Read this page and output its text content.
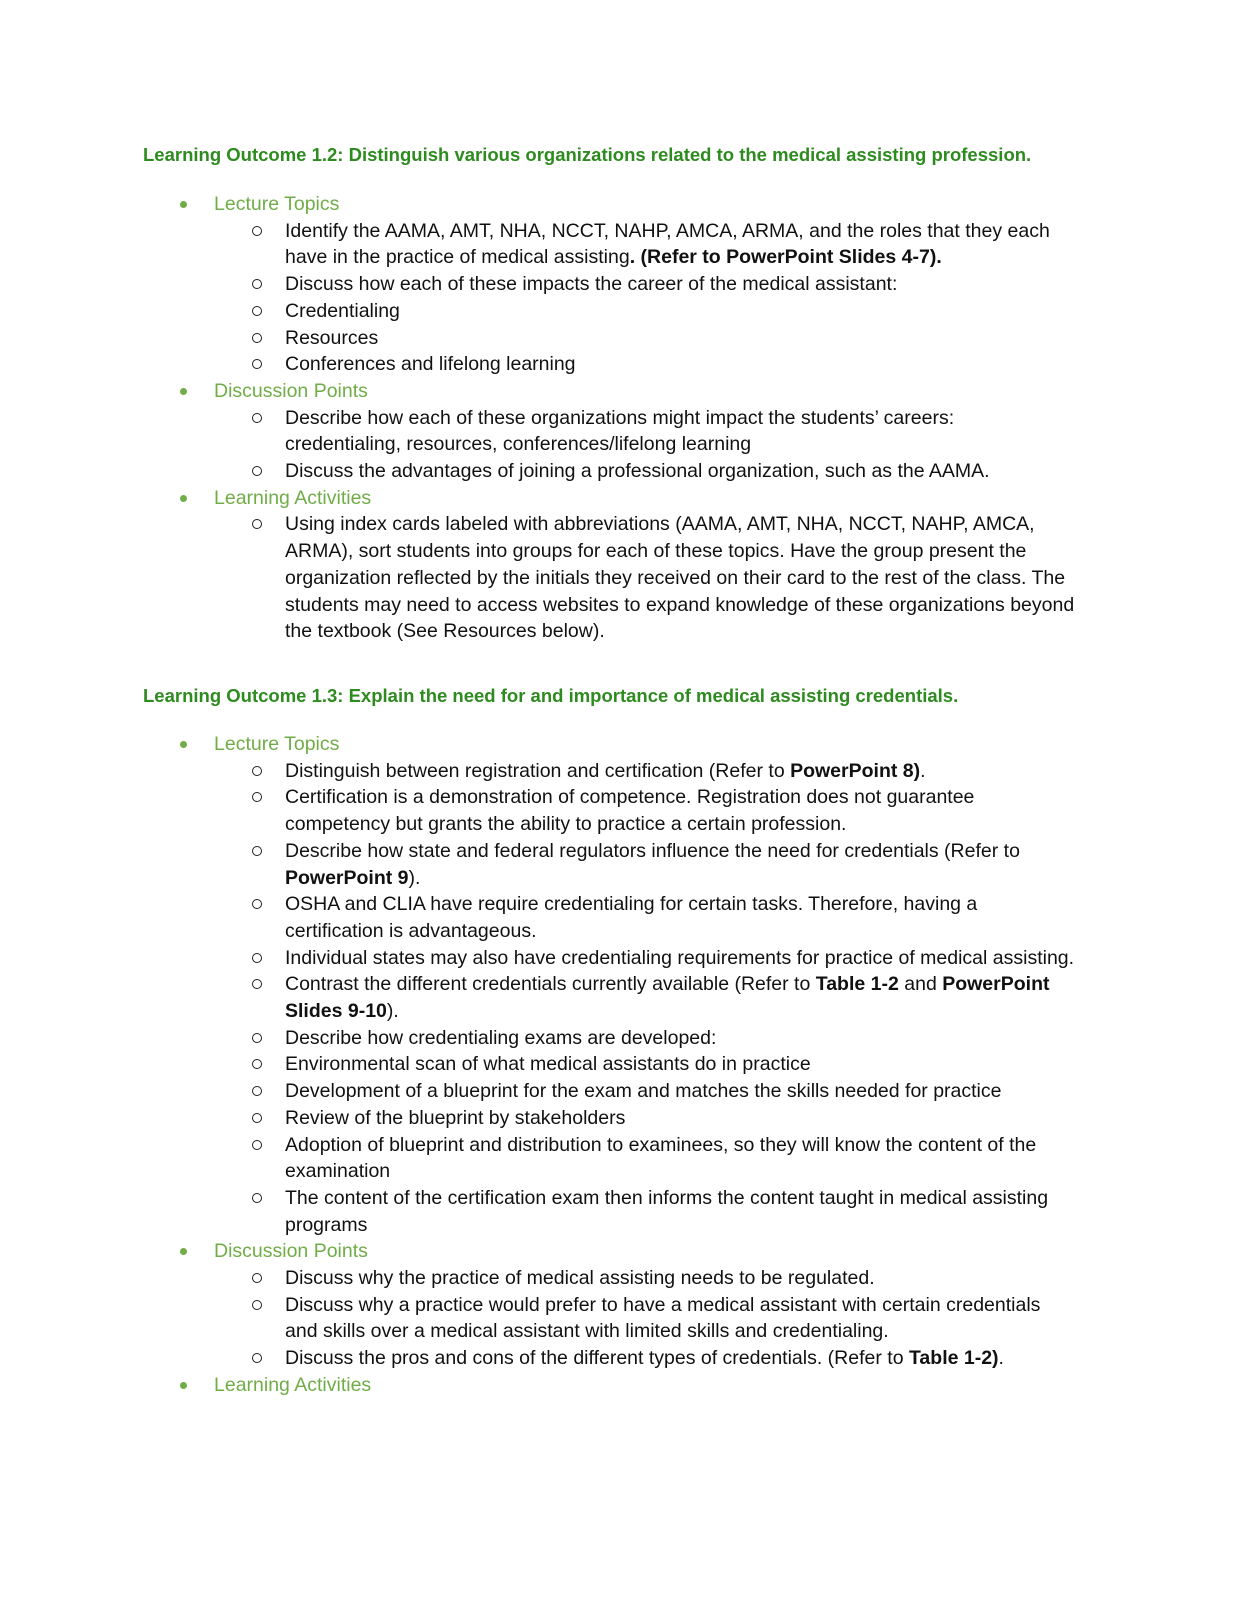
Learning Outcome 1.2: Distinguish various organizations related to the medical assisting profession.
Lecture Topics
Identify the AAMA, AMT, NHA, NCCT, NAHP, AMCA, ARMA, and the roles that they each have in the practice of medical assisting. (Refer to PowerPoint Slides 4-7).
Discuss how each of these impacts the career of the medical assistant:
Credentialing
Resources
Conferences and lifelong learning
Discussion Points
Describe how each of these organizations might impact the students’ careers: credentialing, resources, conferences/lifelong learning
Discuss the advantages of joining a professional organization, such as the AAMA.
Learning Activities
Using index cards labeled with abbreviations (AAMA, AMT, NHA, NCCT, NAHP, AMCA, ARMA), sort students into groups for each of these topics. Have the group present the organization reflected by the initials they received on their card to the rest of the class. The students may need to access websites to expand knowledge of these organizations beyond the textbook (See Resources below).
Learning Outcome 1.3: Explain the need for and importance of medical assisting credentials.
Lecture Topics
Distinguish between registration and certification (Refer to PowerPoint 8).
Certification is a demonstration of competence. Registration does not guarantee competency but grants the ability to practice a certain profession.
Describe how state and federal regulators influence the need for credentials (Refer to PowerPoint 9).
OSHA and CLIA have require credentialing for certain tasks. Therefore, having a certification is advantageous.
Individual states may also have credentialing requirements for practice of medical assisting.
Contrast the different credentials currently available (Refer to Table 1-2 and PowerPoint Slides 9-10).
Describe how credentialing exams are developed:
Environmental scan of what medical assistants do in practice
Development of a blueprint for the exam and matches the skills needed for practice
Review of the blueprint by stakeholders
Adoption of blueprint and distribution to examinees, so they will know the content of the examination
The content of the certification exam then informs the content taught in medical assisting programs
Discussion Points
Discuss why the practice of medical assisting needs to be regulated.
Discuss why a practice would prefer to have a medical assistant with certain credentials and skills over a medical assistant with limited skills and credentialing.
Discuss the pros and cons of the different types of credentials. (Refer to Table 1-2).
Learning Activities
